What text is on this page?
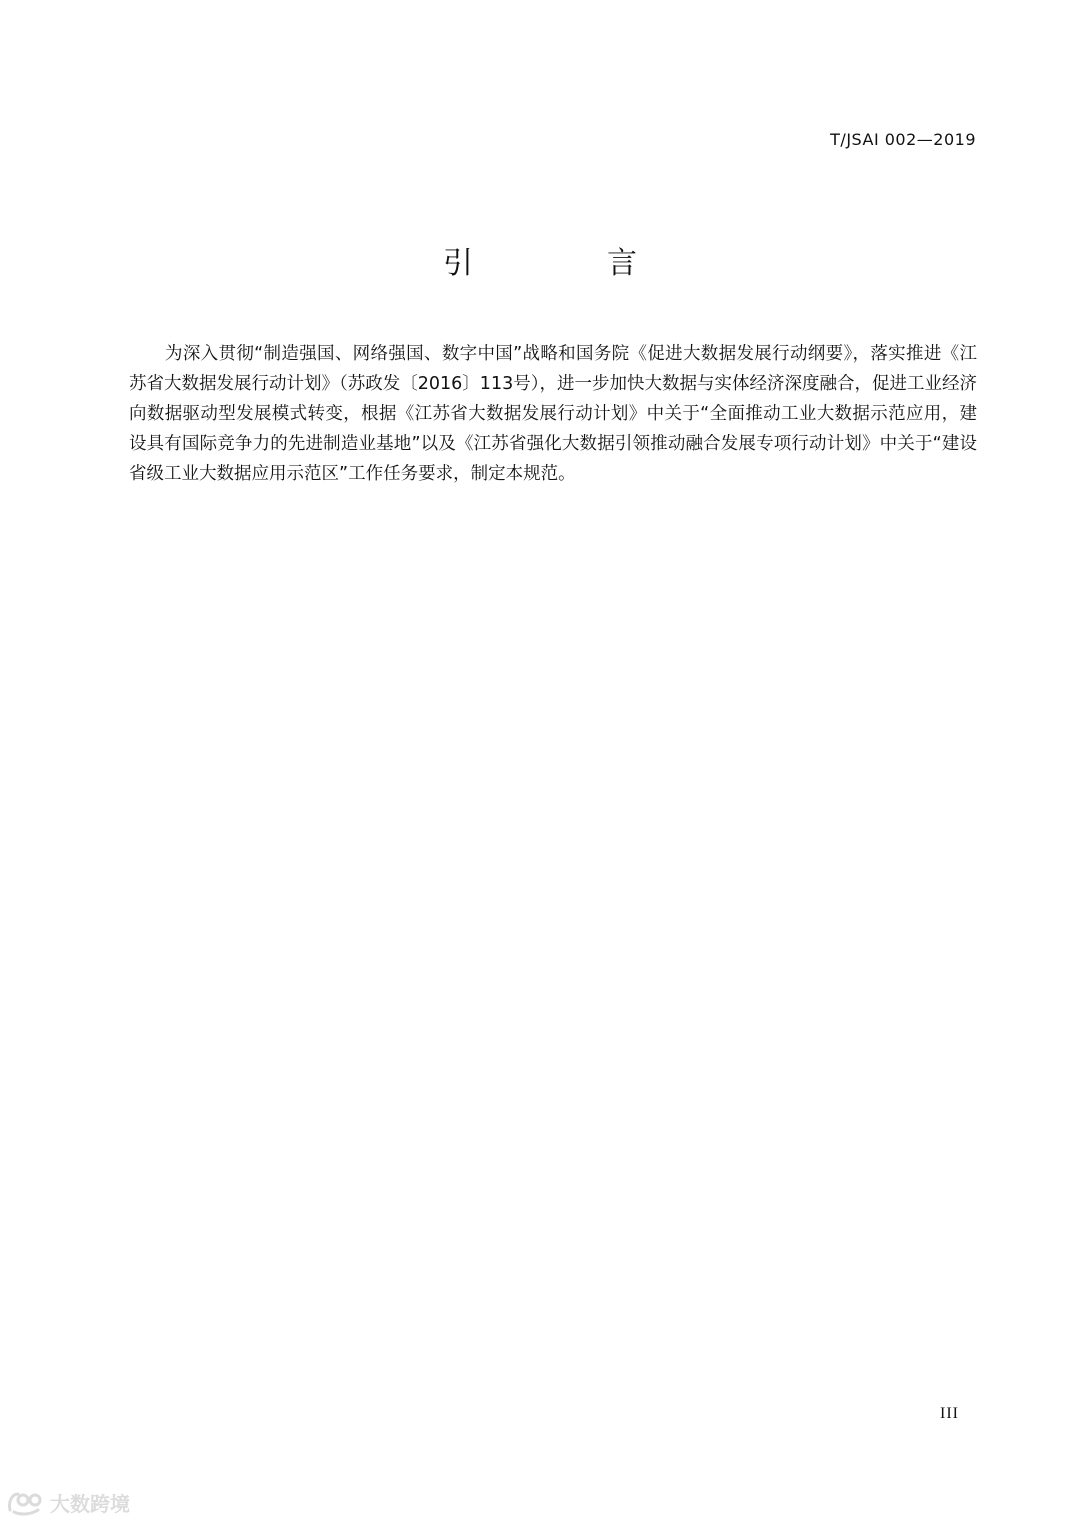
T/JSAI 002—2019
引　言

为深入贯彻“制造强国、网络强国、数字中国”战略和国务院《促进大数据发展行动纲要》，落实推进《江苏省大数据发展行动计划》（苏政发〔2016〕113号），进一步加快大数据与实体经济深度融合，促进工业经济向数据驱动型发展模式转变，根据《江苏省大数据发展行动计划》中关于“全面推动工业大数据示范应用，建设具有国际竞争力的先进制造业基地”以及《江苏省强化大数据引领推动融合发展专项行动计划》中关于“建设省级工业大数据应用示范区”工作任务要求，制定本规范。

III
大数跨境
